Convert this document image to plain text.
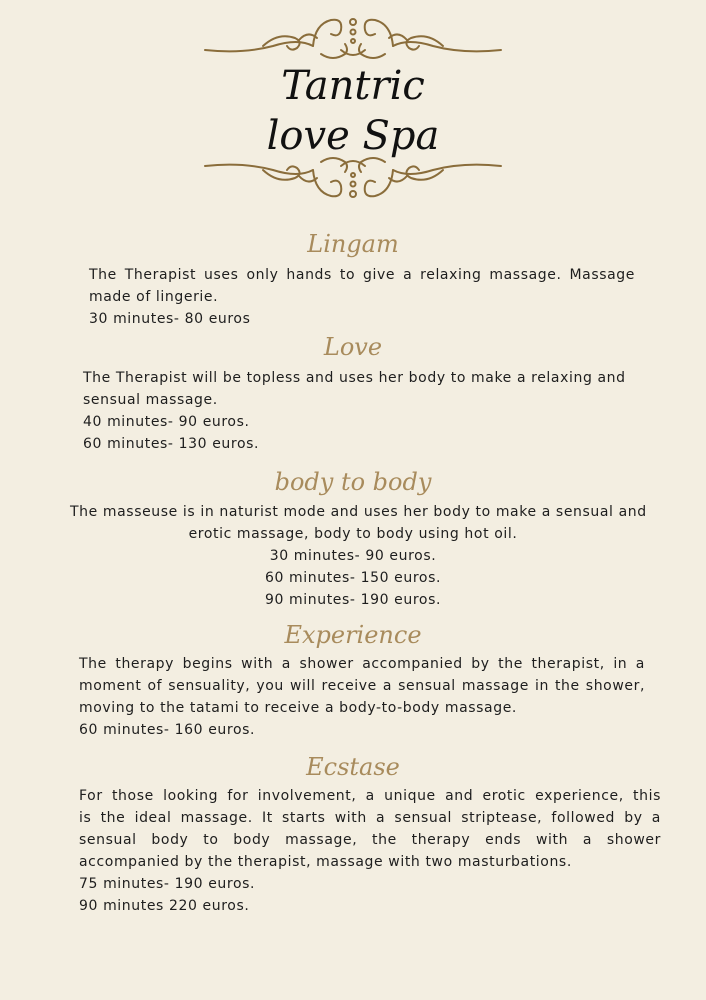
Tantric
love Spa
Lingam
The Therapist uses only hands to give a relaxing massage. Massage
made of lingerie.
30 minutes- 80 euros
Love
The Therapist will be topless and uses her body to make a relaxing and
sensual massage.
40 minutes- 90 euros.
60 minutes- 130 euros.
body to body
The masseuse is in naturist mode and uses her body to make a sensual and
erotic massage, body to body using hot oil.
30 minutes- 90 euros.
60 minutes- 150 euros.
90 minutes- 190 euros.
Experience
The therapy begins with a shower accompanied by the therapist, in a
moment of sensuality, you will receive a sensual massage in the shower,
moving to the tatami to receive a body-to-body massage.
60 minutes- 160 euros.
Ecstase
For those looking for involvement, a unique and erotic experience, this
is the ideal massage. It starts with a sensual striptease, followed by a
sensual body to body massage, the therapy ends with a shower
accompanied by the therapist, massage with two masturbations.
75 minutes- 190 euros.
90 minutes 220 euros.
